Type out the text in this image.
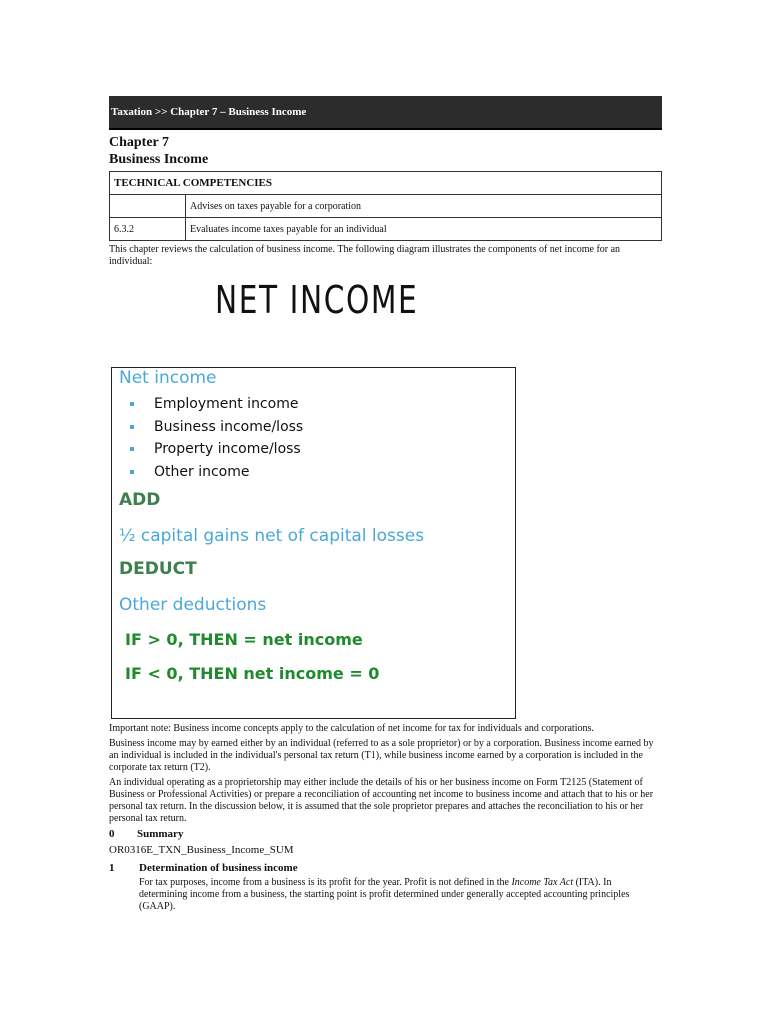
Taxation >> Chapter 7 – Business Income
Chapter 7
Business Income
TECHNICAL COMPETENCIES	
	Advises on taxes payable for a corporation
6.3.2	Evaluates income taxes payable for an individual

This chapter reviews the calculation of business income. The following diagram illustrates the components of net income for an individual:

NET INCOME
Net income
Employment income
Business income/loss
Property income/loss
Other income
ADD
½ capital gains net of capital losses
DEDUCT
Other deductions
IF > 0, THEN = net income
IF < 0, THEN net income = 0

Important note: Business income concepts apply to the calculation of net income for tax for individuals and corporations.

Business income may by earned either by an individual (referred to as a sole proprietor) or by a corporation. Business income earned by an individual is included in the individual's personal tax return (T1), while business income earned by a corporation is included in the corporate tax return (T2).

An individual operating as a proprietorship may either include the details of his or her business income on Form T2125 (Statement of Business or Professional Activities) or prepare a reconciliation of accounting net income to business income and attach that to his or her personal tax return. In the discussion below, it is assumed that the sole proprietor prepares and attaches the reconciliation to his or her personal tax return.

0 Summary
OR0316E_TXN_Business_Income_SUM
1 Determination of business income

For tax purposes, income from a business is its profit for the year. Profit is not defined in the Income Tax Act (ITA). In determining income from a business, the starting point is profit determined under generally accepted accounting principles (GAAP).
